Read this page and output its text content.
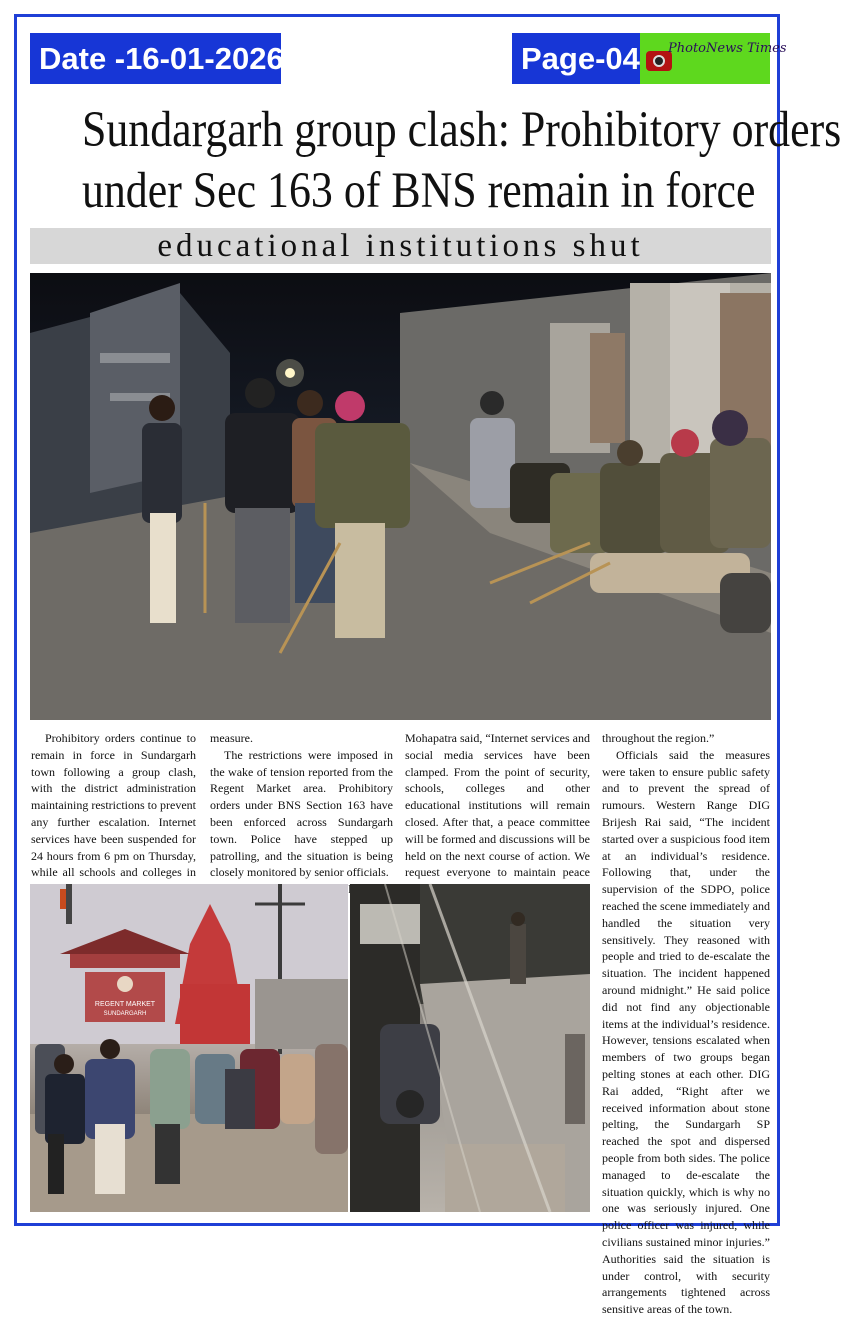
Date -16-01-2026	Page-04 PhotoNews Times
Sundargarh group clash: Prohibitory orders
under Sec 163 of BNS remain in force
educational institutions shut

Prohibitory orders continue to remain in force in Sundargarh town following a group clash, with the district administration maintaining restrictions to prevent any further escalation. Internet services have been suspended for 24 hours from 6 pm on Thursday, while all schools and colleges in

measure.

The restrictions were imposed in the wake of tension reported from the Regent Market area. Prohibitory orders under BNS Section 163 have been enforced across Sundargarh town. Police have stepped up patrolling, and the situation is being closely monitored by senior officials.

Mohapatra said, “Internet services and social media services have been clamped. From the point of security, schools, colleges and other educational institutions will remain closed. After that, a peace committee will be formed and discussions will be held on the next course of action. We request everyone to maintain peace

throughout the region.”

Officials said the measures were taken to ensure public safety and to prevent the spread of rumours. Western Range DIG Brijesh Rai said, “The incident started over a suspicious food item at an individual’s residence. Following that, under the supervision of the SDPO, police reached the scene immediately and handled the situation very sensitively. They reasoned with people and tried to de-escalate the situation. The incident happened around midnight.” He said police did not find any objectionable items at the individual’s residence. However, tensions escalated when members of two groups began pelting stones at each other. DIG Rai added, “Right after we received information about stone pelting, the Sundargarh SP reached the spot and dispersed people from both sides. The police managed to de-escalate the situation quickly, which is why no one was seriously injured. One police officer was injured, while civilians sustained minor injuries.” Authorities said the situation is under control, with security arrangements tightened across sensitive areas of the town.

REGENT MARKET
SUNDARGARH
